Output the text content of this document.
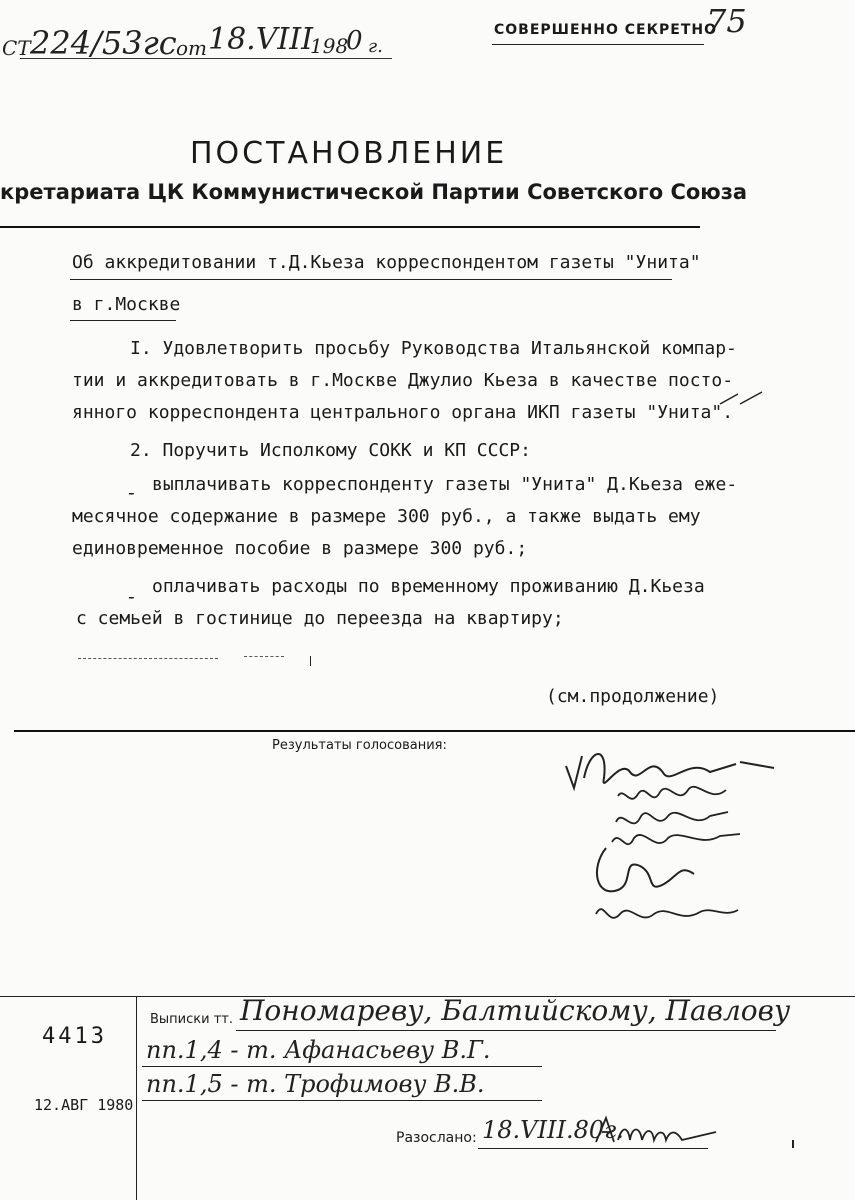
СТ 224/53гс от 18.VIII
198
0 г.
СОВЕРШЕННО СЕКРЕТНО
75
ПОСТАНОВЛЕНИЕ
кретариата ЦК Коммунистической Партии Советского Союза
Об аккредитовании т.Д.Кьеза корреспондентом газеты "Унита"
в г.Москве
I. Удовлетворить просьбу Руководства Итальянской компар-
тии и аккредитовать в г.Москве Джулио Кьеза в качестве посто-
янного корреспондента центрального органа ИКП газеты "Унита".
2. Поручить Исполкому СОКК и КП СССР:
- выплачивать корреспонденту газеты "Унита" Д.Кьеза еже-
месячное содержание в размере 300 руб., а также выдать ему
единовременное пособие в размере 300 руб.;
- оплачивать расходы по временному проживанию Д.Кьеза
с семьей в гостинице до переезда на квартиру;
(см.продолжение)
Результаты голосования:
4413
12.АВГ 1980
Выписки тт. Пономареву, Балтийскому, Павлову
пп.1,4 - т. Афанасьеву В.Г.
пп.1,5 - т. Трофимову В.В.
Разослано: 18.VIII.80г.
